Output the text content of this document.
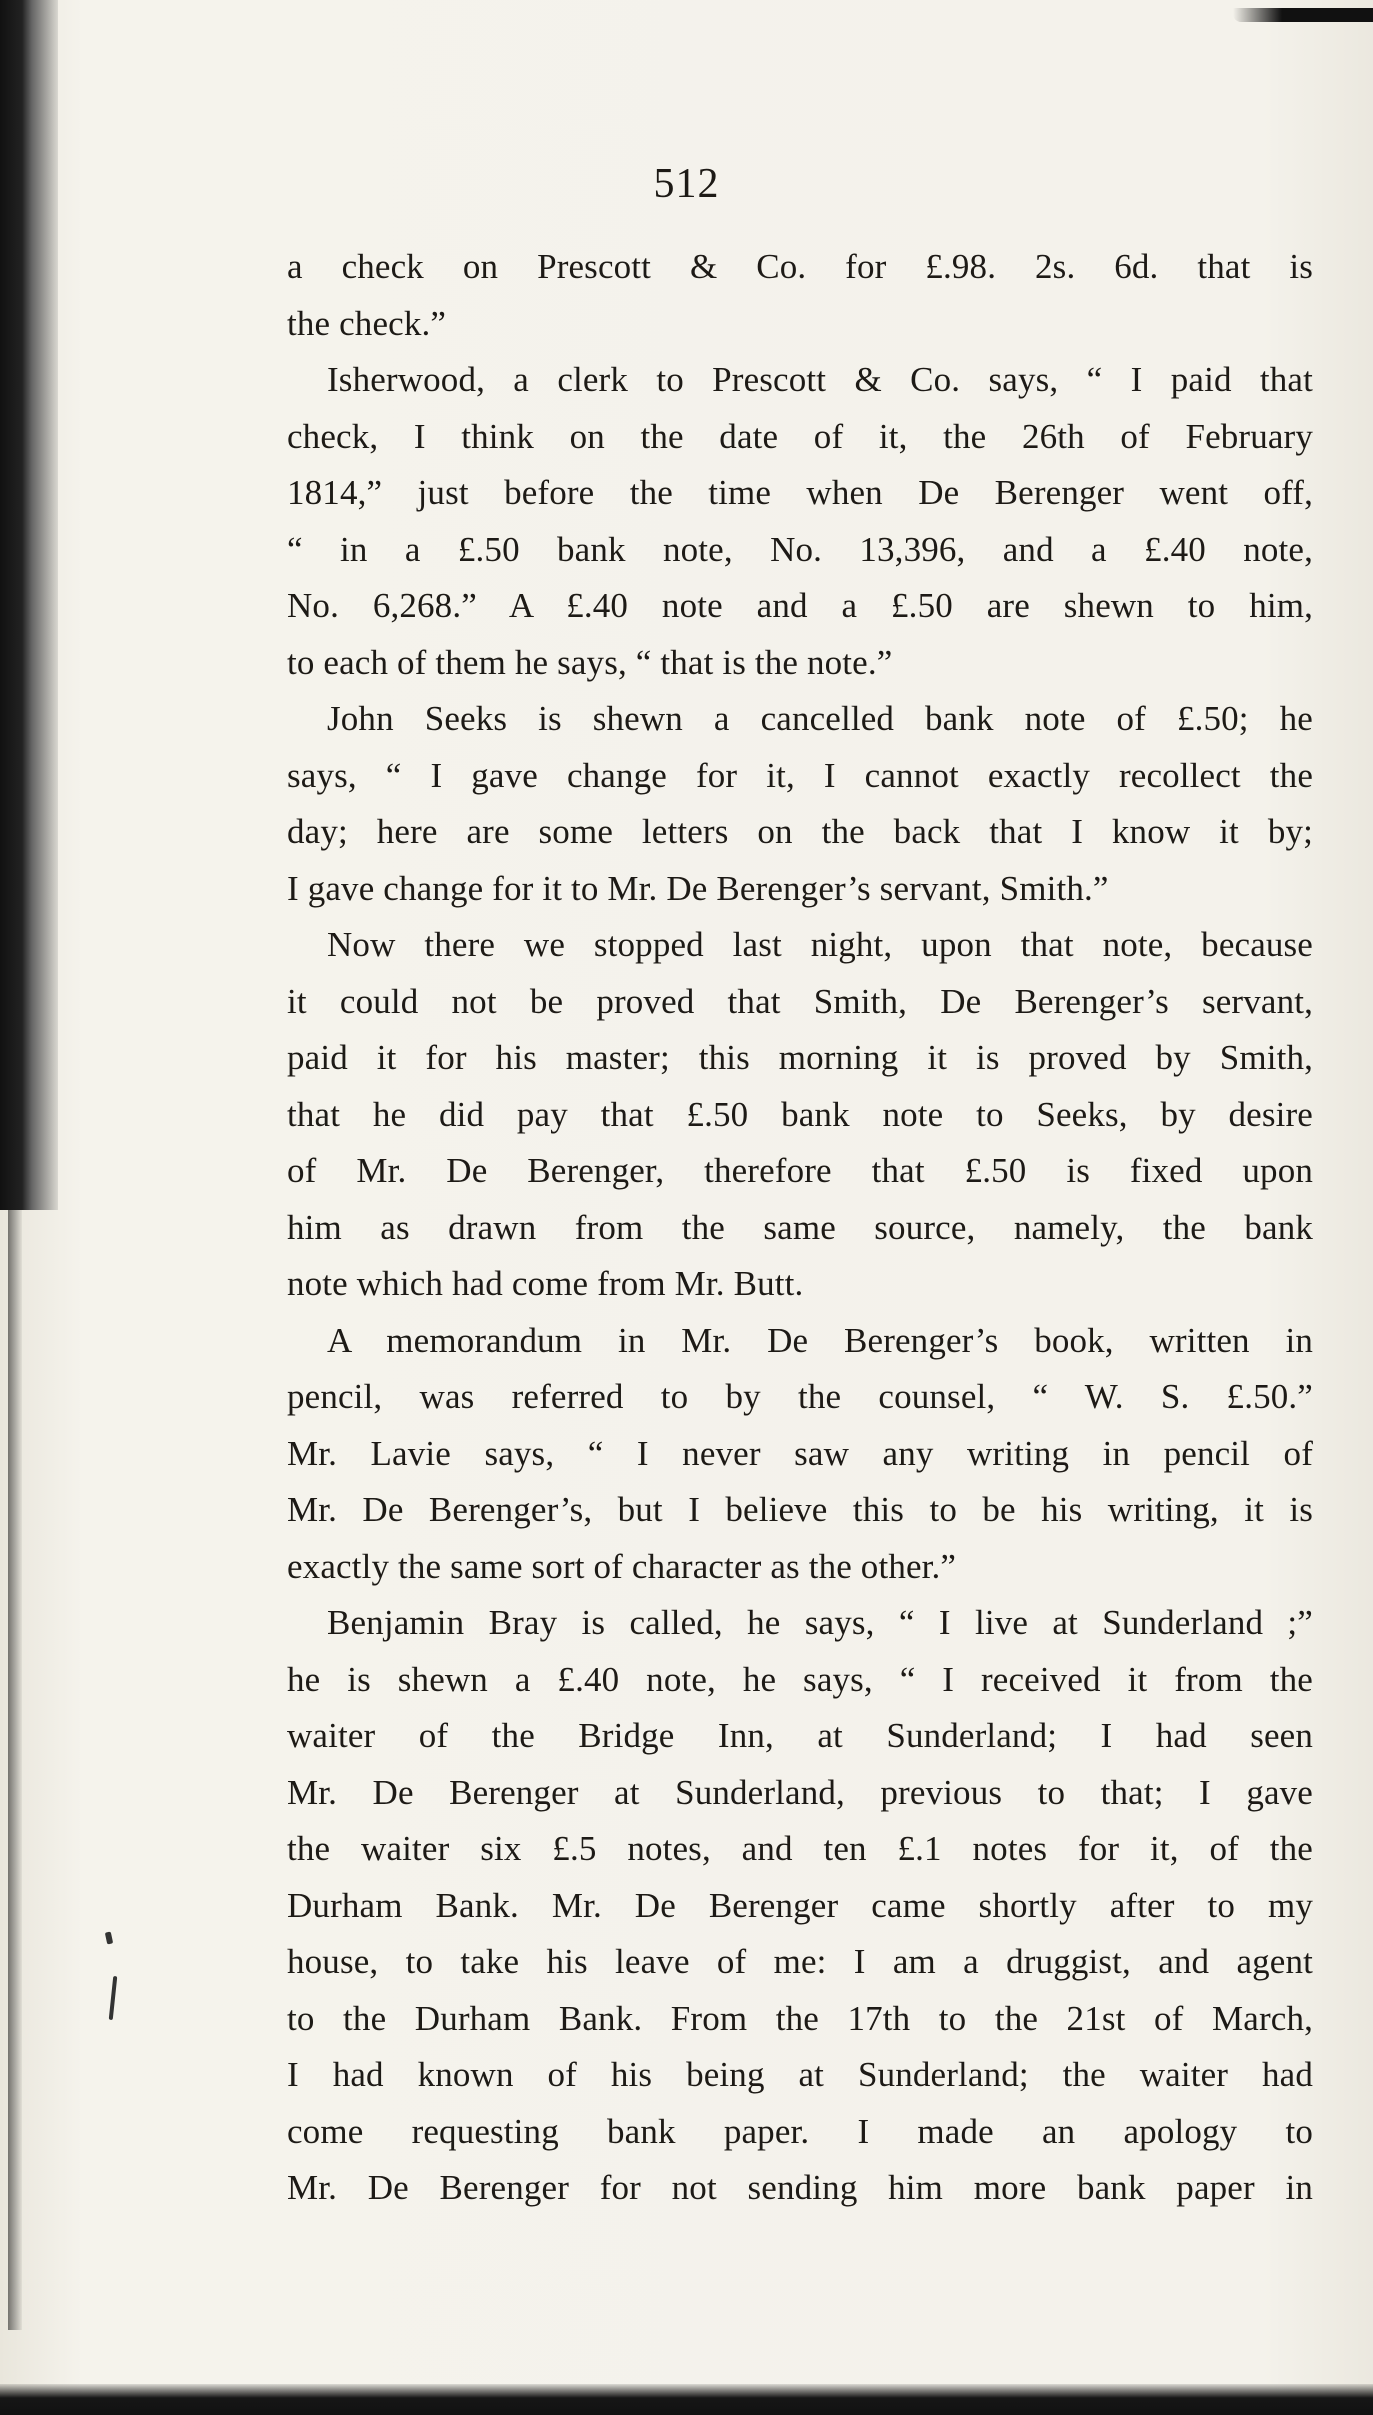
512
a check on Prescott & Co. for £.98. 2s. 6d. that is
the check.”
Isherwood, a clerk to Prescott & Co. says, “ I paid that
check, I think on the date of it, the 26th of February
1814,” just before the time when De Berenger went off,
“ in a £.50 bank note, No. 13,396, and a £.40 note,
No. 6,268.” A £.40 note and a £.50 are shewn to him,
to each of them he says, “ that is the note.”
John Seeks is shewn a cancelled bank note of £.50; he
says, “ I gave change for it, I cannot exactly recollect the
day; here are some letters on the back that I know it by;
I gave change for it to Mr. De Berenger’s servant, Smith.”
Now there we stopped last night, upon that note, because
it could not be proved that Smith, De Berenger’s servant,
paid it for his master; this morning it is proved by Smith,
that he did pay that £.50 bank note to Seeks, by desire
of Mr. De Berenger, therefore that £.50 is fixed upon
him as drawn from the same source, namely, the bank
note which had come from Mr. Butt.
A memorandum in Mr. De Berenger’s book, written in
pencil, was referred to by the counsel, “ W. S. £.50.”
Mr. Lavie says, “ I never saw any writing in pencil of
Mr. De Berenger’s, but I believe this to be his writing, it is
exactly the same sort of character as the other.”
Benjamin Bray is called, he says, “ I live at Sunderland ;”
he is shewn a £.40 note, he says, “ I received it from the
waiter of the Bridge Inn, at Sunderland; I had seen
Mr. De Berenger at Sunderland, previous to that; I gave
the waiter six £.5 notes, and ten £.1 notes for it, of the
Durham Bank. Mr. De Berenger came shortly after to my
house, to take his leave of me: I am a druggist, and agent
to the Durham Bank. From the 17th to the 21st of March,
I had known of his being at Sunderland; the waiter had
come requesting bank paper. I made an apology to
Mr. De Berenger for not sending him more bank paper in
